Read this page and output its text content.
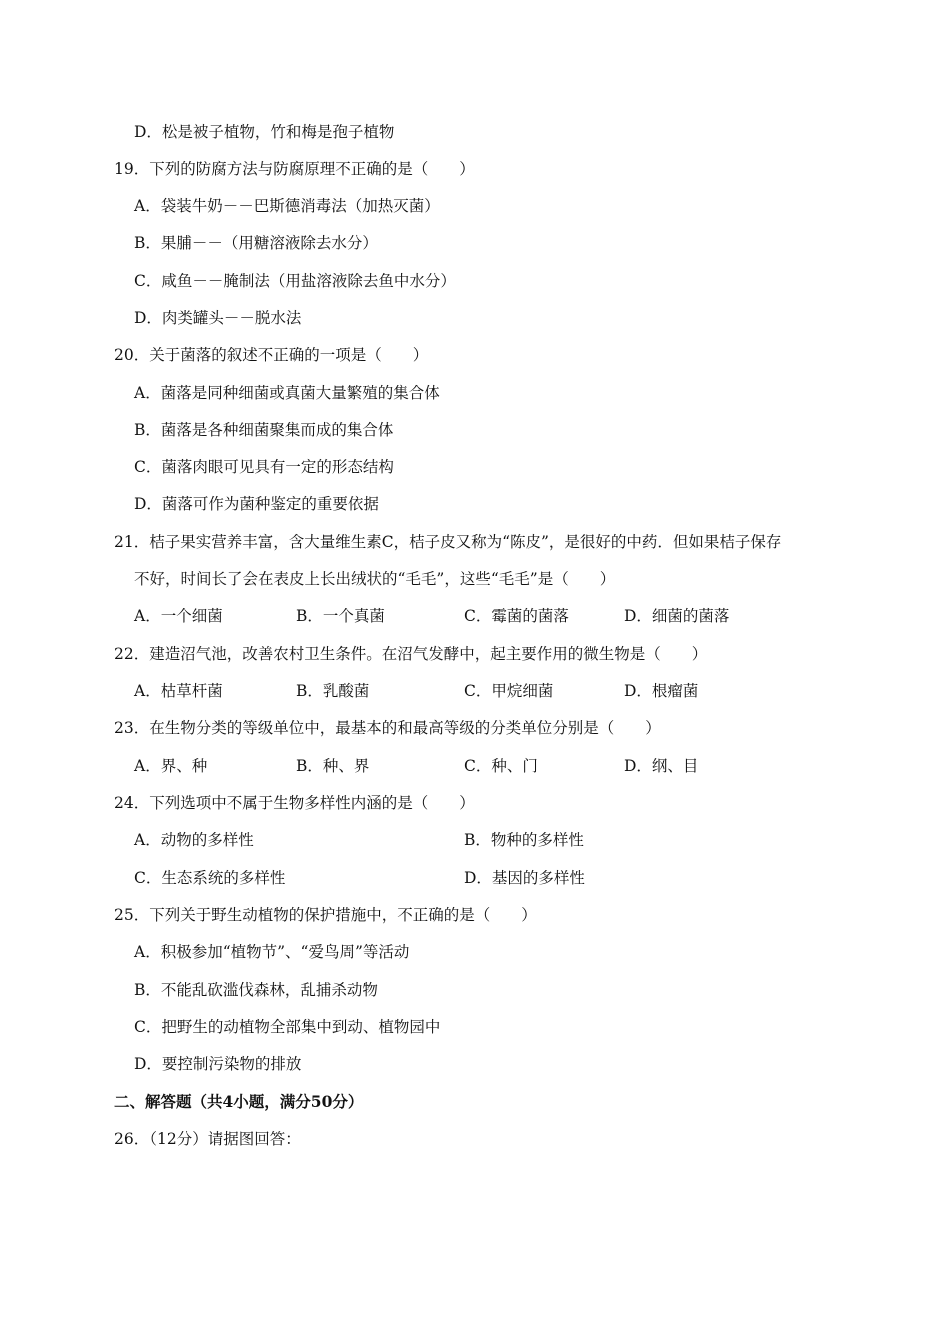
D．松是被子植物，竹和梅是孢子植物
19．下列的防腐方法与防腐原理不正确的是（　　）
A．袋装牛奶－－巴斯德消毒法（加热灭菌）
B．果脯－－（用糖溶液除去水分）
C．咸鱼－－腌制法（用盐溶液除去鱼中水分）
D．肉类罐头－－脱水法
20．关于菌落的叙述不正确的一项是（　　）
A．菌落是同种细菌或真菌大量繁殖的集合体
B．菌落是各种细菌聚集而成的集合体
C．菌落肉眼可见具有一定的形态结构
D．菌落可作为菌种鉴定的重要依据
21．桔子果实营养丰富，含大量维生素C，桔子皮又称为“陈皮”，是很好的中药．但如果桔子保存
不好，时间长了会在表皮上长出绒状的“毛毛”，这些“毛毛”是（　　）
A．一个细菌	B．一个真菌	C．霉菌的菌落	D．细菌的菌落
22．建造沼气池，改善农村卫生条件。在沼气发酵中，起主要作用的微生物是（　　）
A．枯草杆菌	B．乳酸菌	C．甲烷细菌	D．根瘤菌
23．在生物分类的等级单位中，最基本的和最高等级的分类单位分别是（　　）
A．界、种	B．种、界	C．种、门	D．纲、目
24．下列选项中不属于生物多样性内涵的是（　　）
A．动物的多样性	B．物种的多样性
C．生态系统的多样性	D．基因的多样性
25．下列关于野生动植物的保护措施中，不正确的是（　　）
A．积极参加“植物节”、“爱鸟周”等活动
B．不能乱砍滥伐森林，乱捕杀动物
C．把野生的动植物全部集中到动、植物园中
D．要控制污染物的排放
二、解答题（共4小题，满分50分）
26．（12分）请据图回答：
